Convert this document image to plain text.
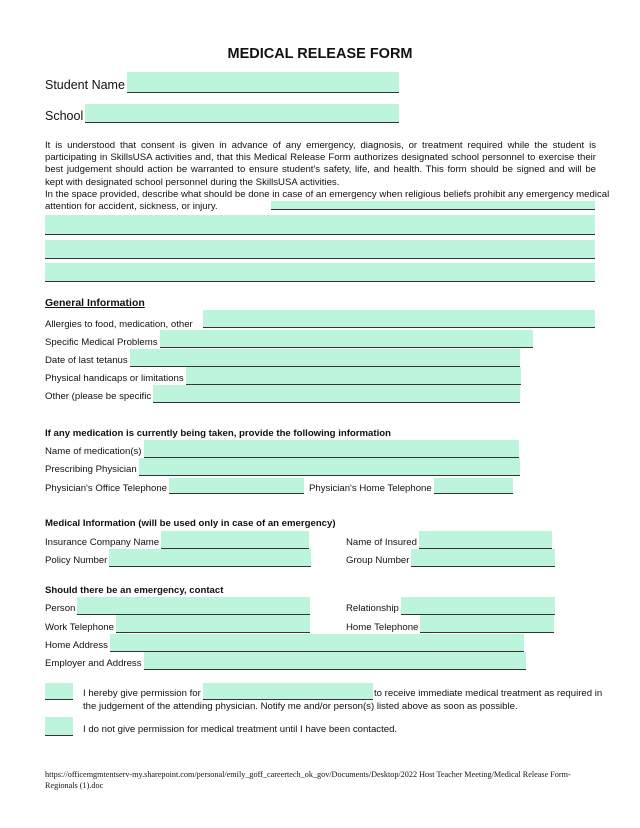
MEDICAL RELEASE FORM
Student Name
School
It is understood that consent is given in advance of any emergency, diagnosis, or treatment required while the student is participating in SkillsUSA activities and, that this Medical Release Form authorizes designated school personnel to exercise their best judgement should action be warranted to ensure student's safety, life, and health. This form should be signed and will be kept with designated school personnel during the SkillsUSA activities.
In the space provided, describe what should be done in case of an emergency when religious beliefs prohibit any emergency medical
attention for accident, sickness, or injury.
General Information
Allergies to food, medication, other
Specific Medical Problems
Date of last tetanus
Physical handicaps or limitations
Other (please be specific
If any medication is currently being taken, provide the following information
Name of medication(s)
Prescribing Physician
Physician's Office Telephone	Physician's Home Telephone
Medical Information (will be used only in case of an emergency)
Insurance Company Name	Name of Insured
Policy Number	Group Number
Should there be an emergency, contact
Person	Relationship
Work Telephone	Home Telephone
Home Address
Employer and Address
I hereby give permission for	to receive immediate medical treatment as required in
the judgement of the attending physician. Notify me and/or person(s) listed above as soon as possible.
I do not give permission for medical treatment until I have been contacted.
https://officemgmtentserv-my.sharepoint.com/personal/emily_goff_careertech_ok_gov/Documents/Desktop/2022 Host Teacher Meeting/Medical Release Form-
Regionals (1).doc
